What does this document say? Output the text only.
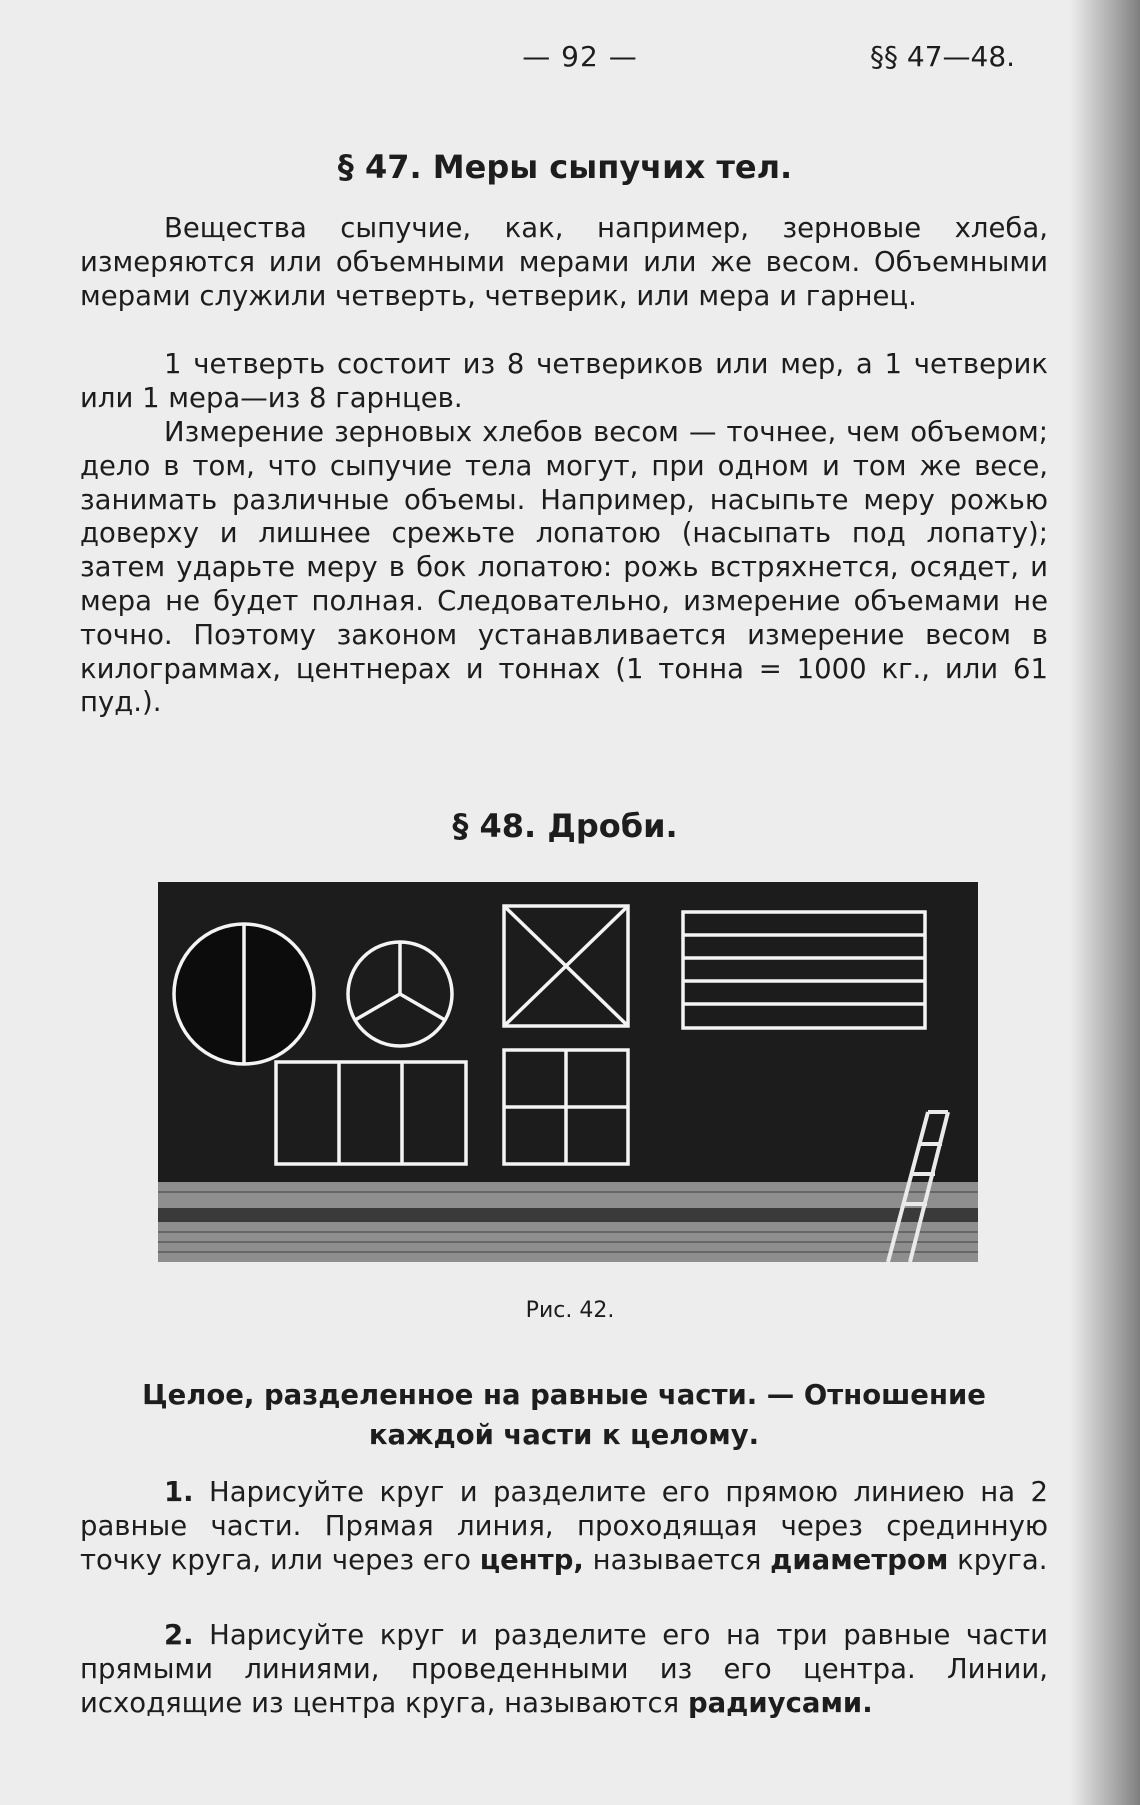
— 92 —	§§ 47—48.
§ 47. Меры сыпучих тел.

Вещества сыпучие, как, например, зерновые хлеба, измеряются или объемными мерами или же весом. Объемными мерами служили четверть, четверик, или мера и гарнец.

1 четверть состоит из 8 четвериков или мер, а 1 четверик или 1 мера—из 8 гарнцев.

Измерение зерновых хлебов весом — точнее, чем объемом; дело в том, что сыпучие тела могут, при одном и том же весе, занимать различные объемы. Например, насыпьте меру рожью доверху и лишнее срежьте лопатою (насыпать под лопату); затем ударьте меру в бок лопатою: рожь встряхнется, осядет, и мера не будет полная. Следовательно, измерение объемами не точно. Поэтому законом устанавливается измерение весом в килограммах, центнерах и тоннах (1 тонна = 1000 кг., или 61 пуд.).

§ 48. Дроби.
Рис. 42.
Целое, разделенное на равные части. — Отношение каждой части к целому.

1. Нарисуйте круг и разделите его прямою линиею на 2 равные части. Прямая линия, проходящая через срединную точку круга, или через его центр, называется диаметром круга.

2. Нарисуйте круг и разделите его на три равные части прямыми линиями, проведенными из его центра. Линии, исходящие из центра круга, называются радиусами.
